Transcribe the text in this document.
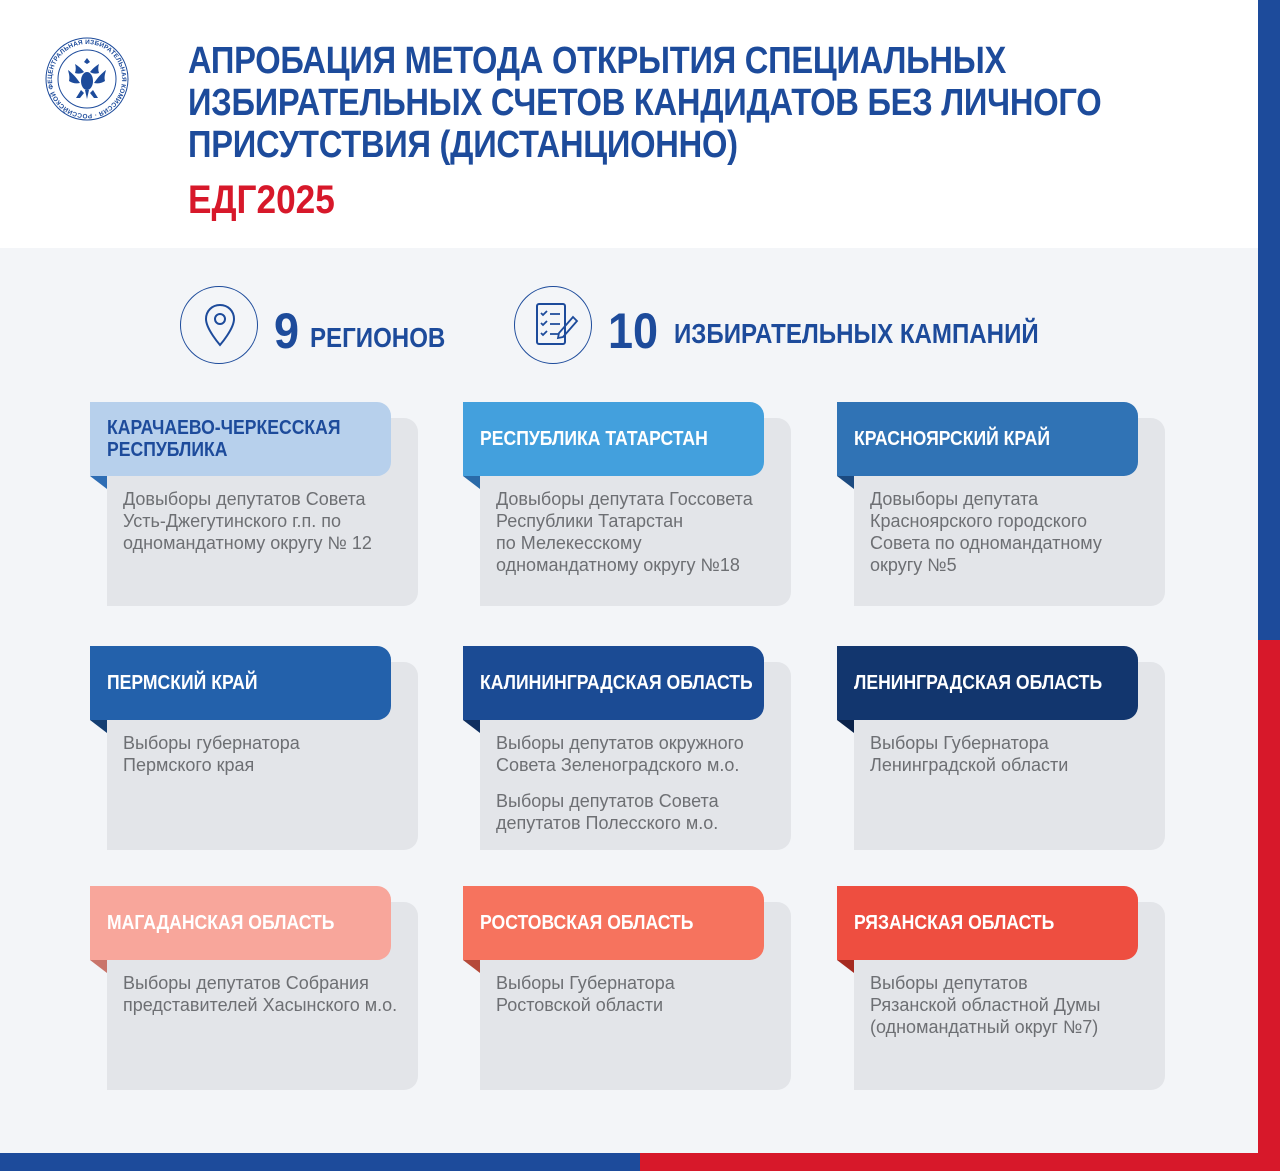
ЦЕНТРАЛЬНАЯ ИЗБИРАТЕЛЬНАЯ КОМИССИЯ · РОССИЙСКОЙ ФЕ	АПРОБАЦИЯ МЕТОДА ОТКРЫТИЯ СПЕЦИАЛЬНЫХ
ИЗБИРАТЕЛЬНЫХ СЧЕТОВ КАНДИДАТОВ БЕЗ ЛИЧНОГО
ПРИСУТСТВИЯ (ДИСТАНЦИОННО)
ЕДГ2025
9 РЕГИОНОВ	10 ИЗБИРАТЕЛЬНЫХ КАМПАНИЙ
КАРАЧАЕВО-ЧЕРКЕССКАЯ
РЕСПУБЛИКА
Довыборы депутатов Совета
Усть-Джегутинского г.п. по
одномандатному округу № 12
РЕСПУБЛИКА ТАТАРСТАН
Довыборы депутата Госсовета
Республики Татарстан
по Мелекесскому
одномандатному округу №18
КРАСНОЯРСКИЙ КРАЙ
Довыборы депутата
Красноярского городского
Совета по одномандатному
округу №5
ПЕРМСКИЙ КРАЙ
Выборы губернатора
Пермского края
КАЛИНИНГРАДСКАЯ ОБЛАСТЬ
Выборы депутатов окружного
Совета Зеленоградского м.о.
Выборы депутатов Совета
депутатов Полесского м.о.
ЛЕНИНГРАДСКАЯ ОБЛАСТЬ
Выборы Губернатора
Ленинградской области
МАГАДАНСКАЯ ОБЛАСТЬ
Выборы депутатов Собрания
представителей Хасынского м.о.
РОСТОВСКАЯ ОБЛАСТЬ
Выборы Губернатора
Ростовской области
РЯЗАНСКАЯ ОБЛАСТЬ
Выборы депутатов
Рязанской областной Думы
(одномандатный округ №7)
